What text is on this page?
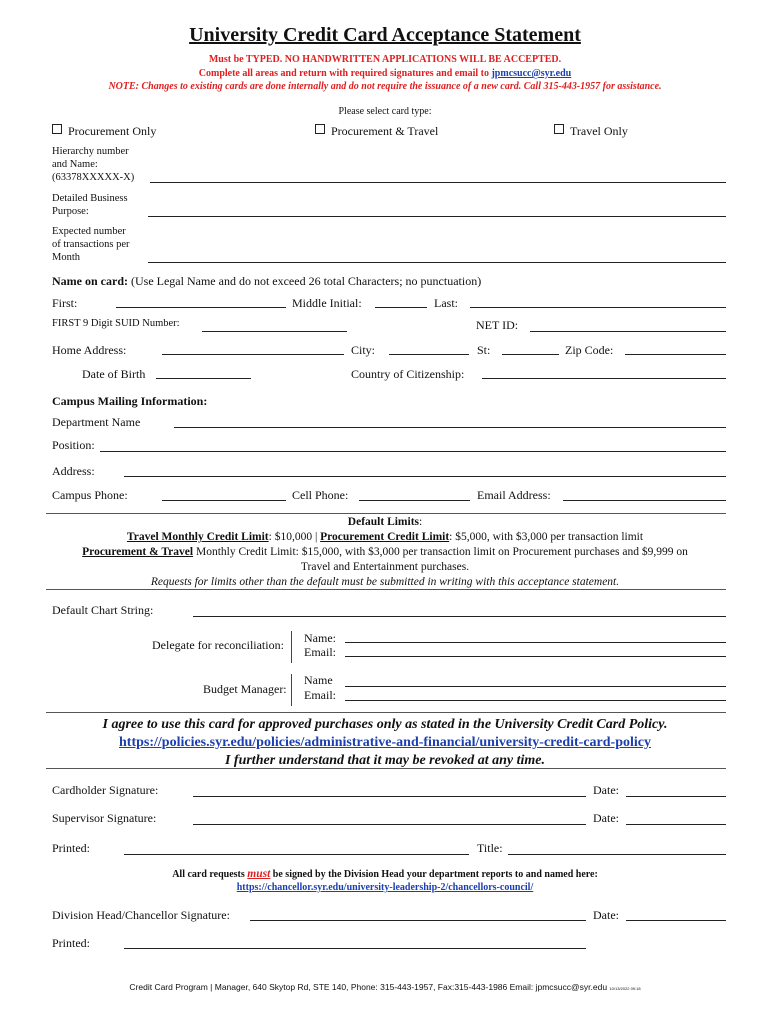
University Credit Card Acceptance Statement
Must be TYPED. NO HANDWRITTEN APPLICATIONS WILL BE ACCEPTED.
Complete all areas and return with required signatures and email to jpmcsucc@syr.edu
NOTE: Changes to existing cards are done internally and do not require the issuance of a new card. Call 315-443-1957 for assistance.
Please select card type:
Procurement Only	Procurement & Travel	Travel Only
Hierarchy number
and Name:
(63378XXXXX-X)
Detailed Business
Purpose:
Expected number
of transactions per
Month
Name on card: (Use Legal Name and do not exceed 26 total Characters; no punctuation)
First:	Middle Initial:	Last:
FIRST 9 Digit SUID Number:	NET ID:
Home Address:	City:	St:	Zip Code:
Date of Birth	Country of Citizenship:
Campus Mailing Information:
Department Name
Position:
Address:
Campus Phone:	Cell Phone:	Email Address:
Default Limits:
Travel Monthly Credit Limit: $10,000 | Procurement Credit Limit: $5,000, with $3,000 per transaction limit
Procurement & Travel Monthly Credit Limit: $15,000, with $3,000 per transaction limit on Procurement purchases and $9,999 on
Travel and Entertainment purchases.
Requests for limits other than the default must be submitted in writing with this acceptance statement.
Default Chart String:
Delegate for reconciliation: Name:
Email:
Budget Manager:
Name
Email:
I agree to use this card for approved purchases only as stated in the University Credit Card Policy.
https://policies.syr.edu/policies/administrative-and-financial/university-credit-card-policy
I further understand that it may be revoked at any time.
Cardholder Signature:	Date:
Supervisor Signature:	Date:
Printed:	Title:
All card requests must be signed by the Division Head your department reports to and named here:
https://chancellor.syr.edu/university-leadership-2/chancellors-council/
Division Head/Chancellor Signature:	Date:
Printed:
Credit Card Program | Manager, 640 Skytop Rd, STE 140, Phone: 315-443-1957, Fax:315-443-1986 Email: jpmcsucc@syr.edu 10/13/2022 09:18
